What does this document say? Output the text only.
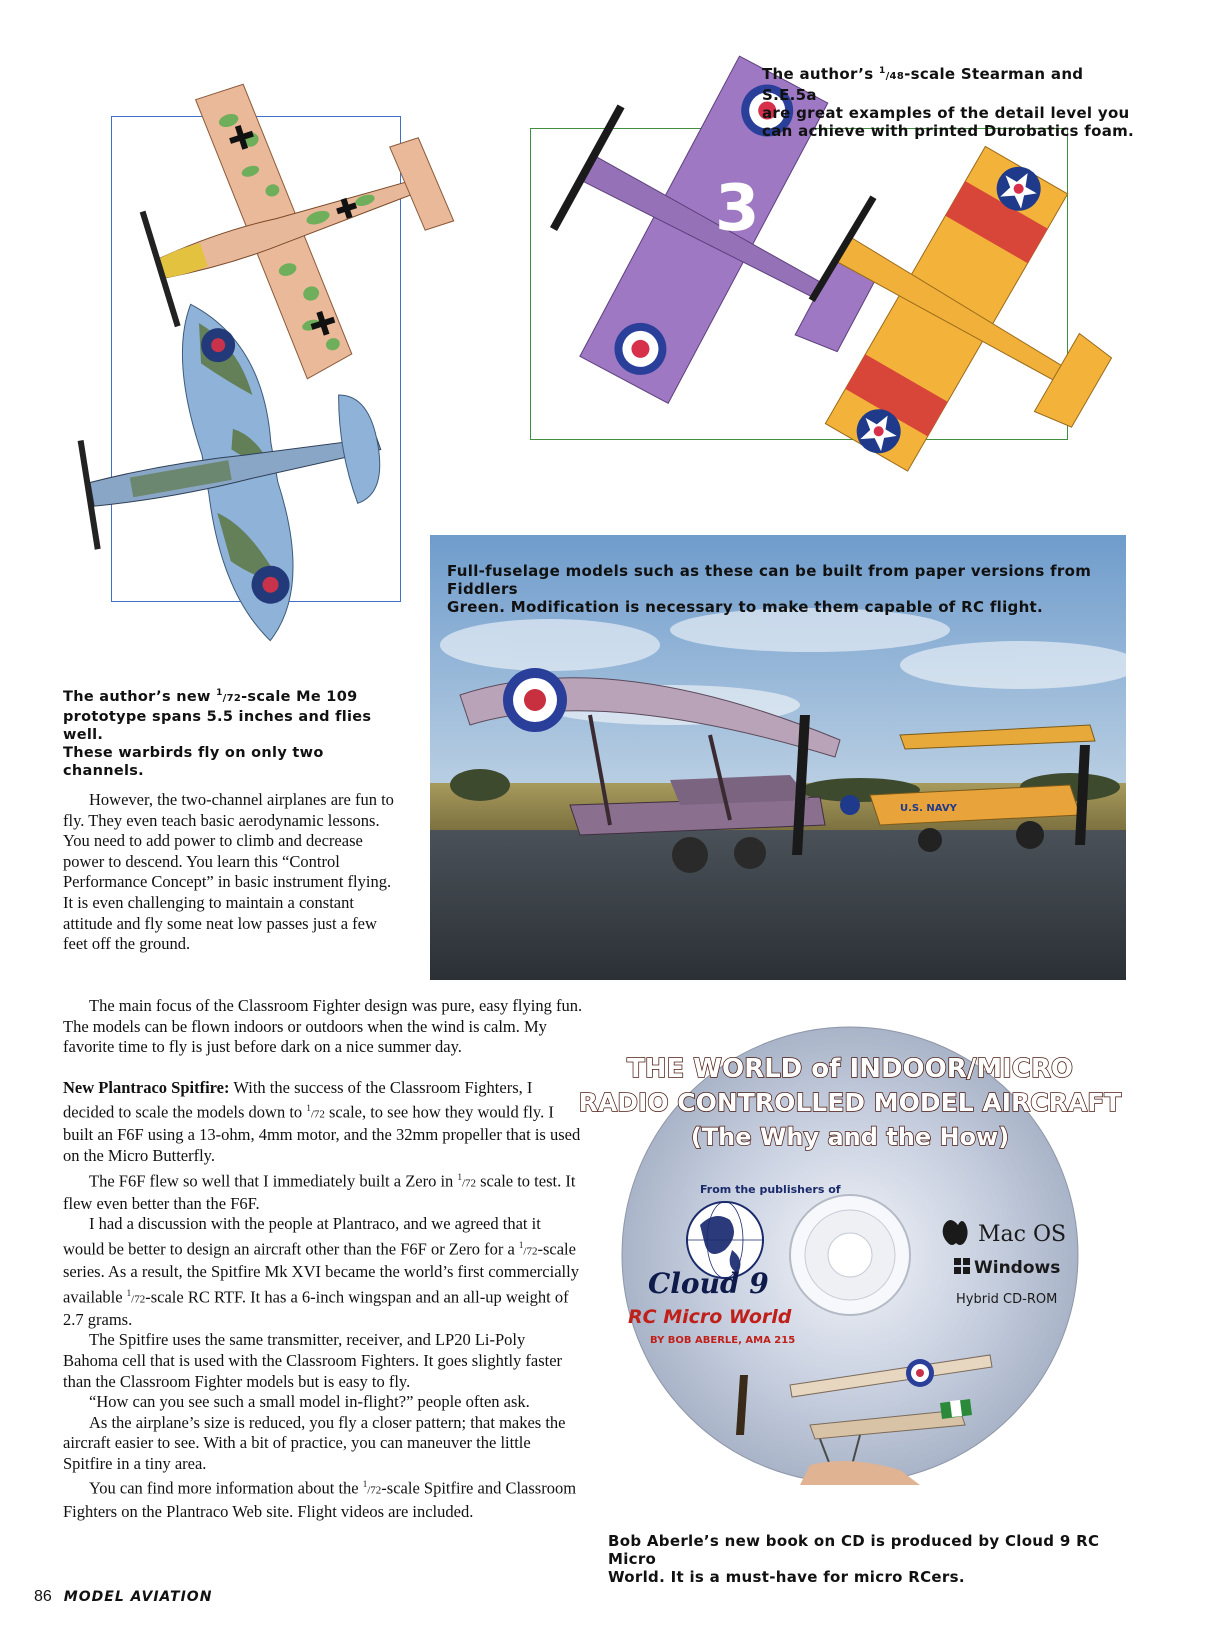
3
The author’s $^1$/48-scale Stearman and S.E.5a
are great examples of the detail level you
can achieve with printed Durobatics foam.
U.S. NAVY
Full-fuselage models such as these can be built from paper versions from Fiddlers
Green. Modification is necessary to make them capable of RC flight.
The author’s new $^1$/72-scale Me 109
prototype spans 5.5 inches and flies well.
These warbirds fly on only two channels.

However, the two-channel airplanes are fun to fly. They even teach basic aerodynamic lessons. You need to add power to climb and decrease power to descend. You learn this “Control Performance Concept” in basic instrument flying. It is even challenging to maintain a constant attitude and fly some neat low passes just a few feet off the ground.

The main focus of the Classroom Fighter design was pure, easy flying fun. The models can be flown indoors or outdoors when the wind is calm. My favorite time to fly is just before dark on a nice summer day.

New Plantraco Spitfire: With the success of the Classroom Fighters, I decided to scale the models down to $^1$/72 scale, to see how they would fly. I built an F6F using a 13-ohm, 4mm motor, and the 32mm propeller that is used on the Micro Butterfly.

The F6F flew so well that I immediately built a Zero in $^1$/72 scale to test. It flew even better than the F6F.

I had a discussion with the people at Plantraco, and we agreed that it would be better to design an aircraft other than the F6F or Zero for a $^1$/72-scale series. As a result, the Spitfire Mk XVI became the world’s first commercially available $^1$/72-scale RC RTF. It has a 6-inch wingspan and an all-up weight of 2.7 grams.

The Spitfire uses the same transmitter, receiver, and LP20 Li-Poly Bahoma cell that is used with the Classroom Fighters. It goes slightly faster than the Classroom Fighter models but is easy to fly.

“How can you see such a small model in-flight?” people often ask.

As the airplane’s size is reduced, you fly a closer pattern; that makes the aircraft easier to see. With a bit of practice, you can maneuver the little Spitfire in a tiny area.

You can find more information about the $^1$/72-scale Spitfire and Classroom Fighters on the Plantraco Web site. Flight videos are included.

THE WORLD of INDOOR/MICRO
RADIO CONTROLLED MODEL AIRCRAFT
(The Why and the How)
From the publishers of
Cloud 9
RC Micro World
BY BOB ABERLE, AMA 215
Mac OS
Windows
Hybrid CD-ROM
Bob Aberle’s new book on CD is produced by Cloud 9 RC Micro
World. It is a must-have for micro RCers.
86 MODEL AVIATION
